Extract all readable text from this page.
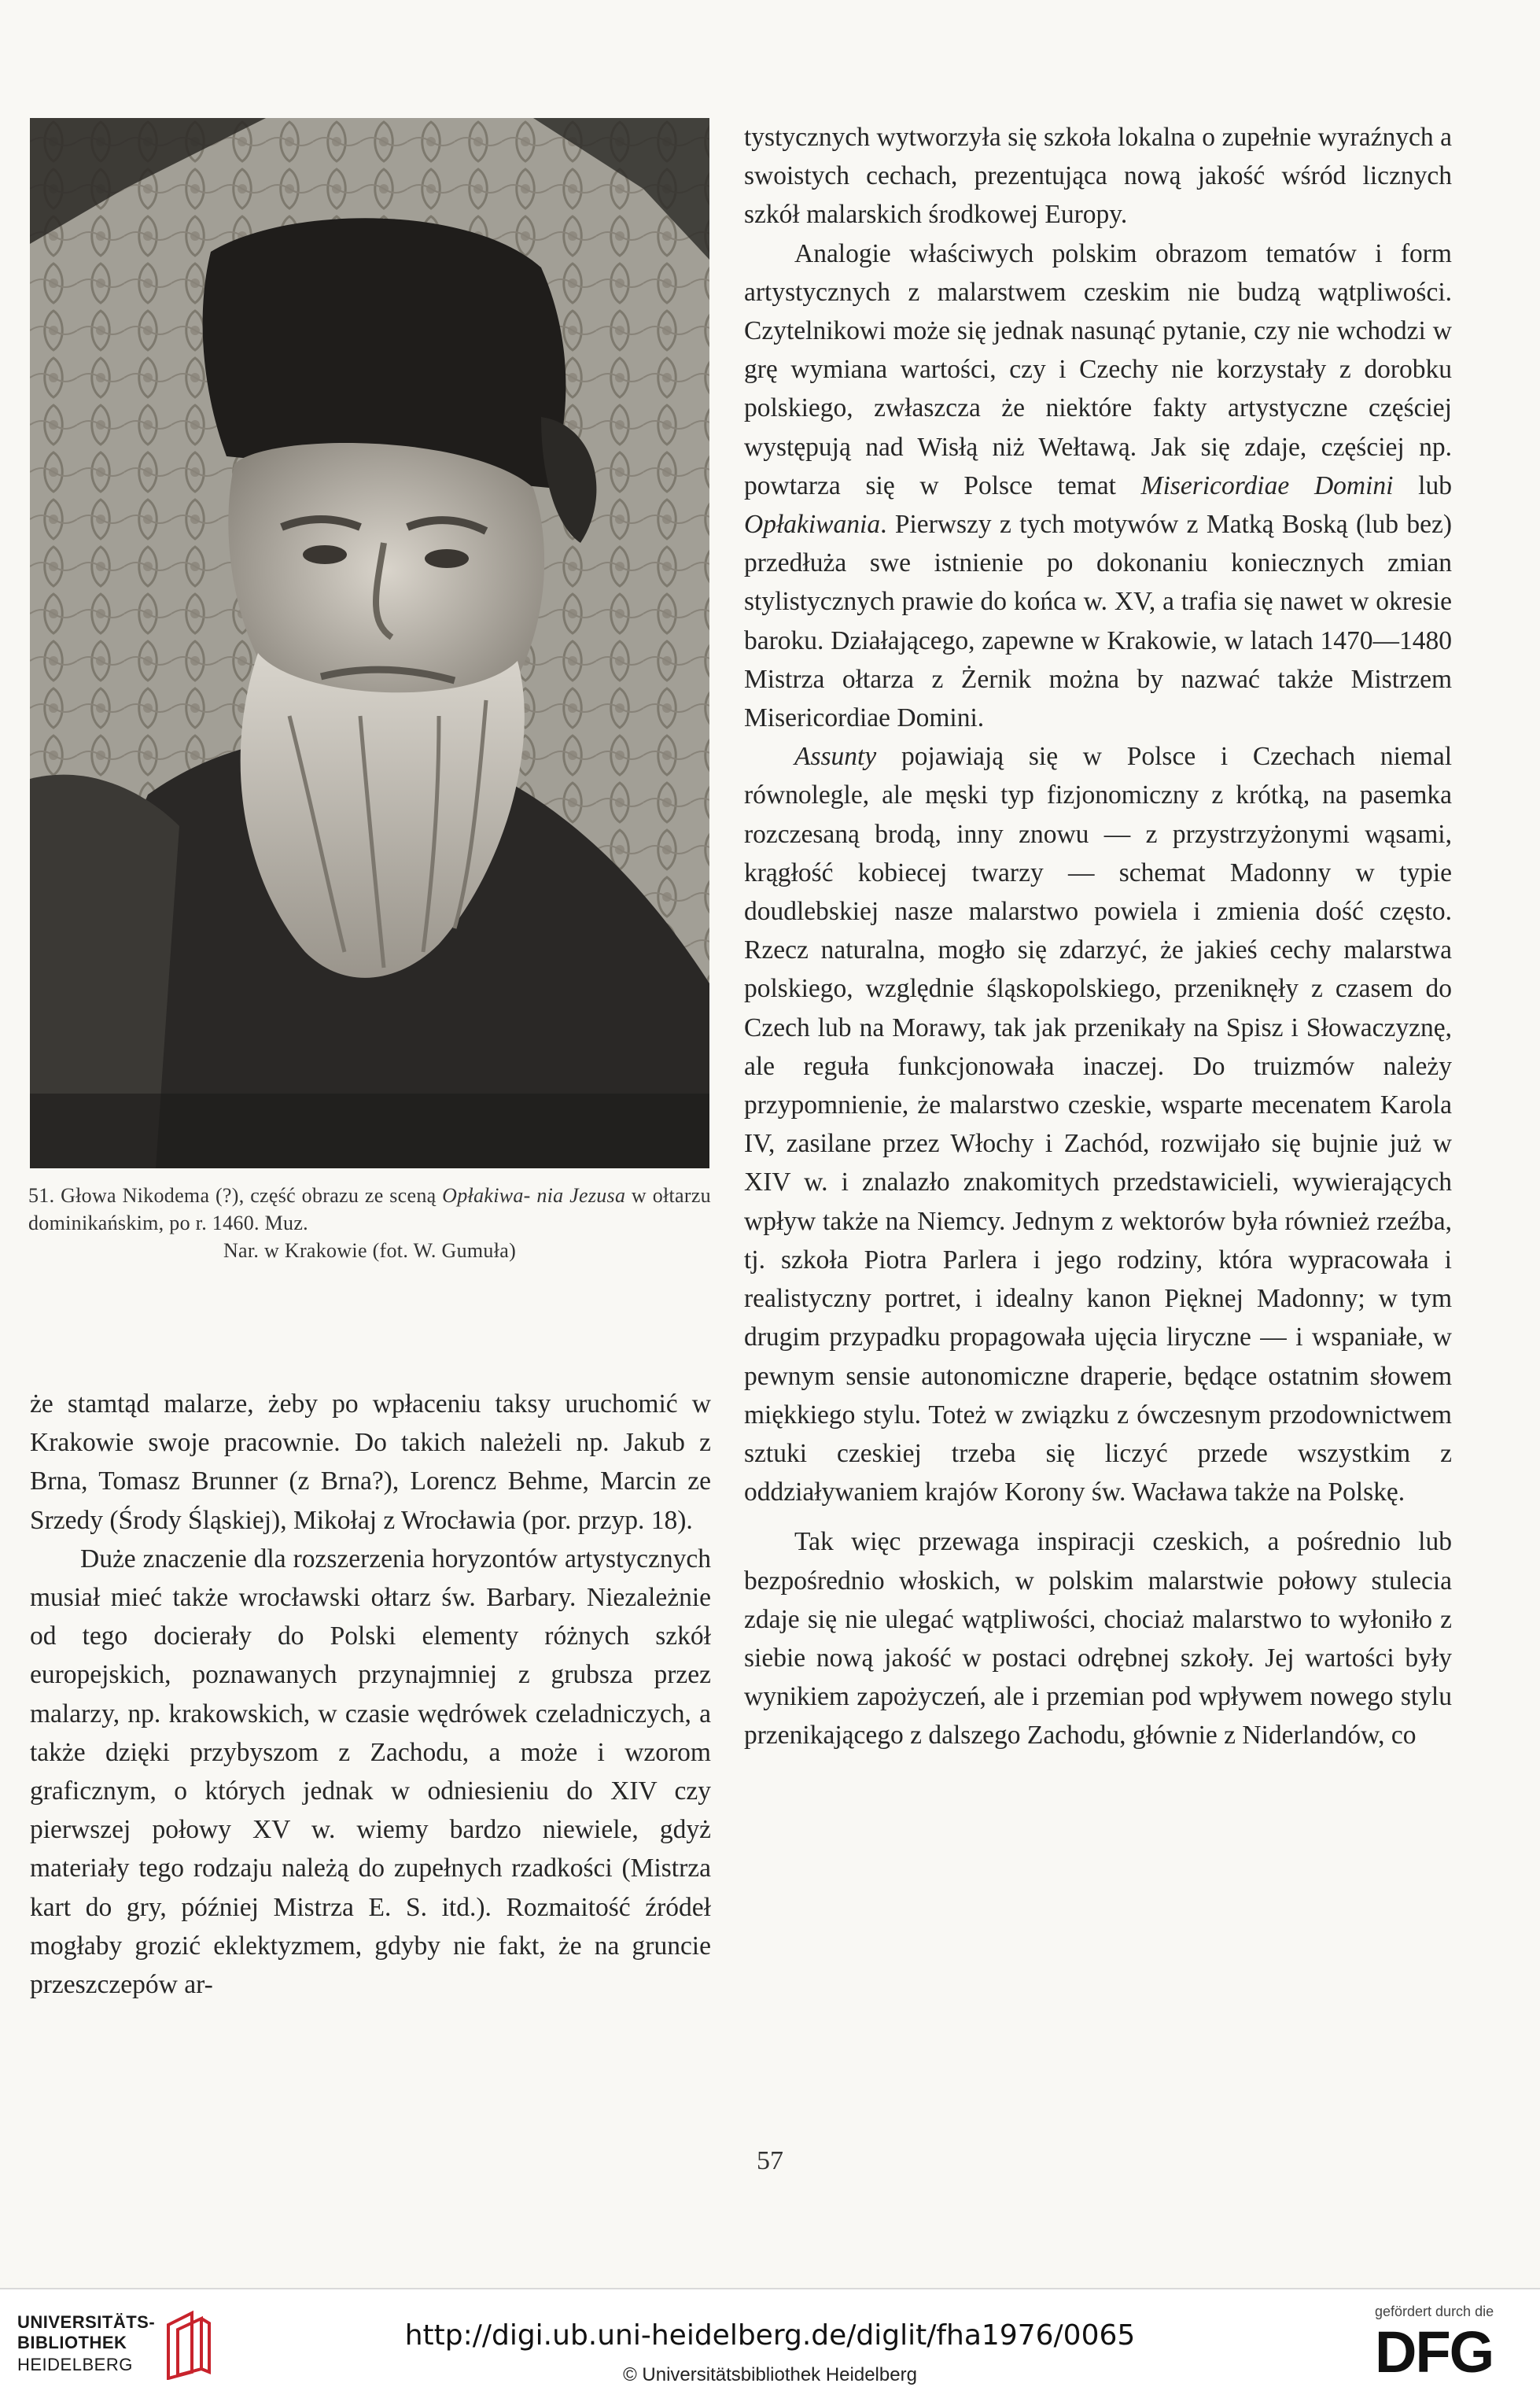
51. Głowa Nikodema (?), część obrazu ze sceną Opłakiwa- nia Jezusa w ołtarzu dominikańskim, po r. 1460. Muz.
Nar. w Krakowie (fot. W. Gumuła)

że stamtąd malarze, żeby po wpłaceniu taksy uruchomić w Krakowie swoje pracownie. Do takich należeli np. Jakub z Brna, Tomasz Brunner (z Brna?), Lorencz Behme, Marcin ze Srzedy (Środy Śląskiej), Mikołaj z Wrocławia (por. przyp. 18).

Duże znaczenie dla rozszerzenia horyzontów artystycznych musiał mieć także wrocławski ołtarz św. Barbary. Niezależnie od tego docierały do Polski elementy różnych szkół europejskich, poznawanych przynajmniej z grubsza przez malarzy, np. krakowskich, w czasie wędrówek czeladniczych, a także dzięki przybyszom z Zachodu, a może i wzorom graficznym, o których jednak w odniesieniu do XIV czy pierwszej połowy XV w. wiemy bardzo niewiele, gdyż materiały tego rodzaju należą do zupełnych rzadkości (Mistrza kart do gry, później Mistrza E. S. itd.). Rozmaitość źródeł mogłaby grozić eklektyzmem, gdyby nie fakt, że na gruncie przeszczepów ar-

tystycznych wytworzyła się szkoła lokalna o zupełnie wyraźnych a swoistych cechach, prezentująca nową jakość wśród licznych szkół malarskich środkowej Europy.

Analogie właściwych polskim obrazom tematów i form artystycznych z malarstwem czeskim nie budzą wątpliwości. Czytelnikowi może się jednak nasunąć pytanie, czy nie wchodzi w grę wymiana wartości, czy i Czechy nie korzystały z dorobku polskiego, zwłaszcza że niektóre fakty artystyczne częściej występują nad Wisłą niż Wełtawą. Jak się zdaje, częściej np. powtarza się w Polsce temat Misericordiae Domini lub Opłakiwania. Pierwszy z tych motywów z Matką Boską (lub bez) przedłuża swe istnienie po dokonaniu koniecznych zmian stylistycznych prawie do końca w. XV, a trafia się nawet w okresie baroku. Działającego, zapewne w Krakowie, w latach 1470—1480 Mistrza ołtarza z Żernik można by nazwać także Mistrzem Misericordiae Domini.

Assunty pojawiają się w Polsce i Czechach niemal równolegle, ale męski typ fizjonomiczny z krótką, na pasemka rozczesaną brodą, inny znowu — z przystrzyżonymi wąsami, krągłość kobiecej twarzy — schemat Madonny w typie doudlebskiej nasze malarstwo powiela i zmienia dość często. Rzecz naturalna, mogło się zdarzyć, że jakieś cechy malarstwa polskiego, względnie śląskopolskiego, przeniknęły z czasem do Czech lub na Morawy, tak jak przenikały na Spisz i Słowaczyznę, ale reguła funkcjonowała inaczej. Do truizmów należy przypomnienie, że malarstwo czeskie, wsparte mecenatem Karola IV, zasilane przez Włochy i Zachód, rozwijało się bujnie już w XIV w. i znalazło znakomitych przedstawicieli, wywierających wpływ także na Niemcy. Jednym z wektorów była również rzeźba, tj. szkoła Piotra Parlera i jego rodziny, która wypracowała i realistyczny portret, i idealny kanon Pięknej Madonny; w tym drugim przypadku propagowała ujęcia liryczne — i wspaniałe, w pewnym sensie autonomiczne draperie, będące ostatnim słowem miękkiego stylu. Toteż w związku z ówczesnym przodownictwem sztuki czeskiej trzeba się liczyć przede wszystkim z oddziaływaniem krajów Korony św. Wacława także na Polskę.

Tak więc przewaga inspiracji czeskich, a pośrednio lub bezpośrednio włoskich, w polskim malarstwie połowy stulecia zdaje się nie ulegać wątpliwości, chociaż malarstwo to wyłoniło z siebie nową jakość w postaci odrębnej szkoły. Jej wartości były wynikiem zapożyczeń, ale i przemian pod wpływem nowego stylu przenikającego z dalszego Zachodu, głównie z Niderlandów, co

57
UNIVERSITÄTS-
BIBLIOTHEK
HEIDELBERG
http://digi.ub.uni-heidelberg.de/diglit/fha1976/0065
© Universitätsbibliothek Heidelberg
gefördert durch die
DFG
